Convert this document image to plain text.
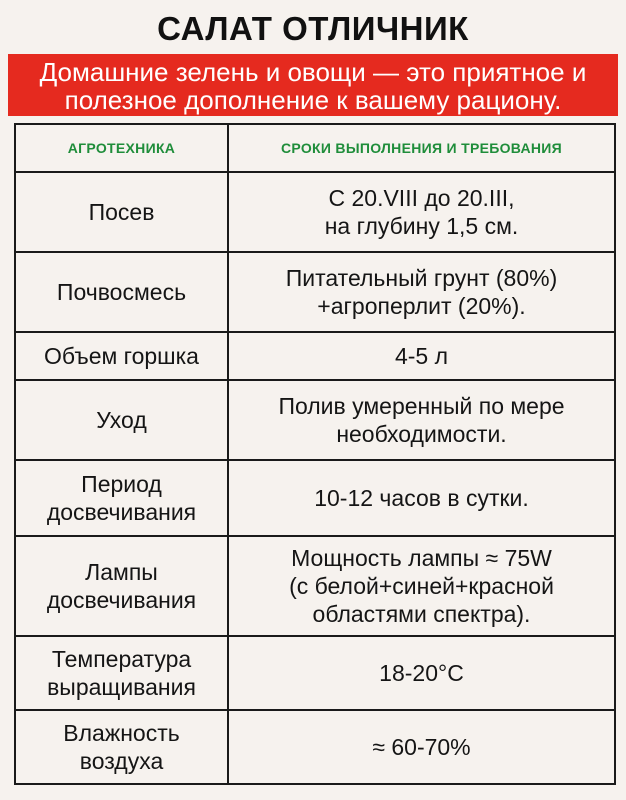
САЛАТ ОТЛИЧНИК
Домашние зелень и овощи — это приятное и полезное дополнение к вашему рациону.
АГРОТЕХНИКА	СРОКИ ВЫПОЛНЕНИЯ И ТРЕБОВАНИЯ
Посев	С 20.VIII до 20.III,
на глубину 1,5 см.
Почвосмесь	Питательный грунт (80%)
+агроперлит (20%).
Объем горшка	4-5 л
Уход	Полив умеренный по мере
необходимости.
Период
досвечивания	10-12 часов в сутки.
Лампы
досвечивания	Мощность лампы ≈ 75W
(с белой+синей+красной
областями спектра).
Температура
выращивания	18-20°С
Влажность
воздуха	≈ 60-70%
